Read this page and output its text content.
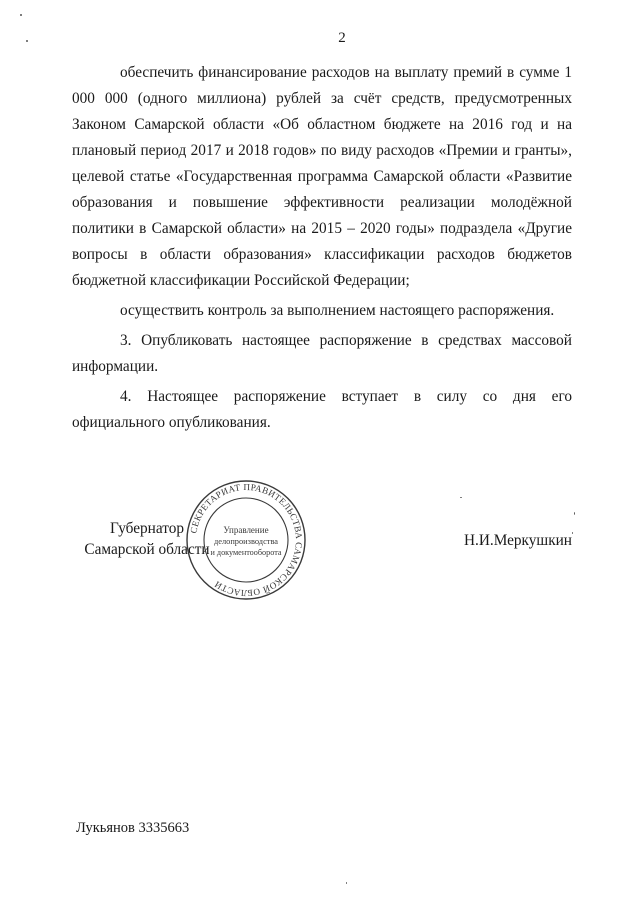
2

обеспечить финансирование расходов на выплату премий в сумме 1 000 000 (одного миллиона) рублей за счёт средств, предусмотренных Законом Самарской области «Об областном бюджете на 2016 год и на плановый период 2017 и 2018 годов» по виду расходов «Премии и гранты», целевой статье «Государственная программа Самарской области «Развитие образования и повышение эффективности реализации молодёжной политики в Самарской области» на 2015 – 2020 годы» подраздела «Другие вопросы в области образования» классификации расходов бюджетов бюджетной классификации Российской Федерации;

осуществить контроль за выполнением настоящего распоряжения.

3. Опубликовать настоящее распоряжение в средствах массовой информации.

4. Настоящее распоряжение вступает в силу со дня его официального опубликования.

Губернатор
Самарской области
Н.И.Меркушкин
СЕКРЕТАРИАТ ПРАВИТЕЛЬСТВА САМАРСКОЙ ОБЛАСТИ
Управление
делопроизводства
и документооборота
Лукьянов 3335663
